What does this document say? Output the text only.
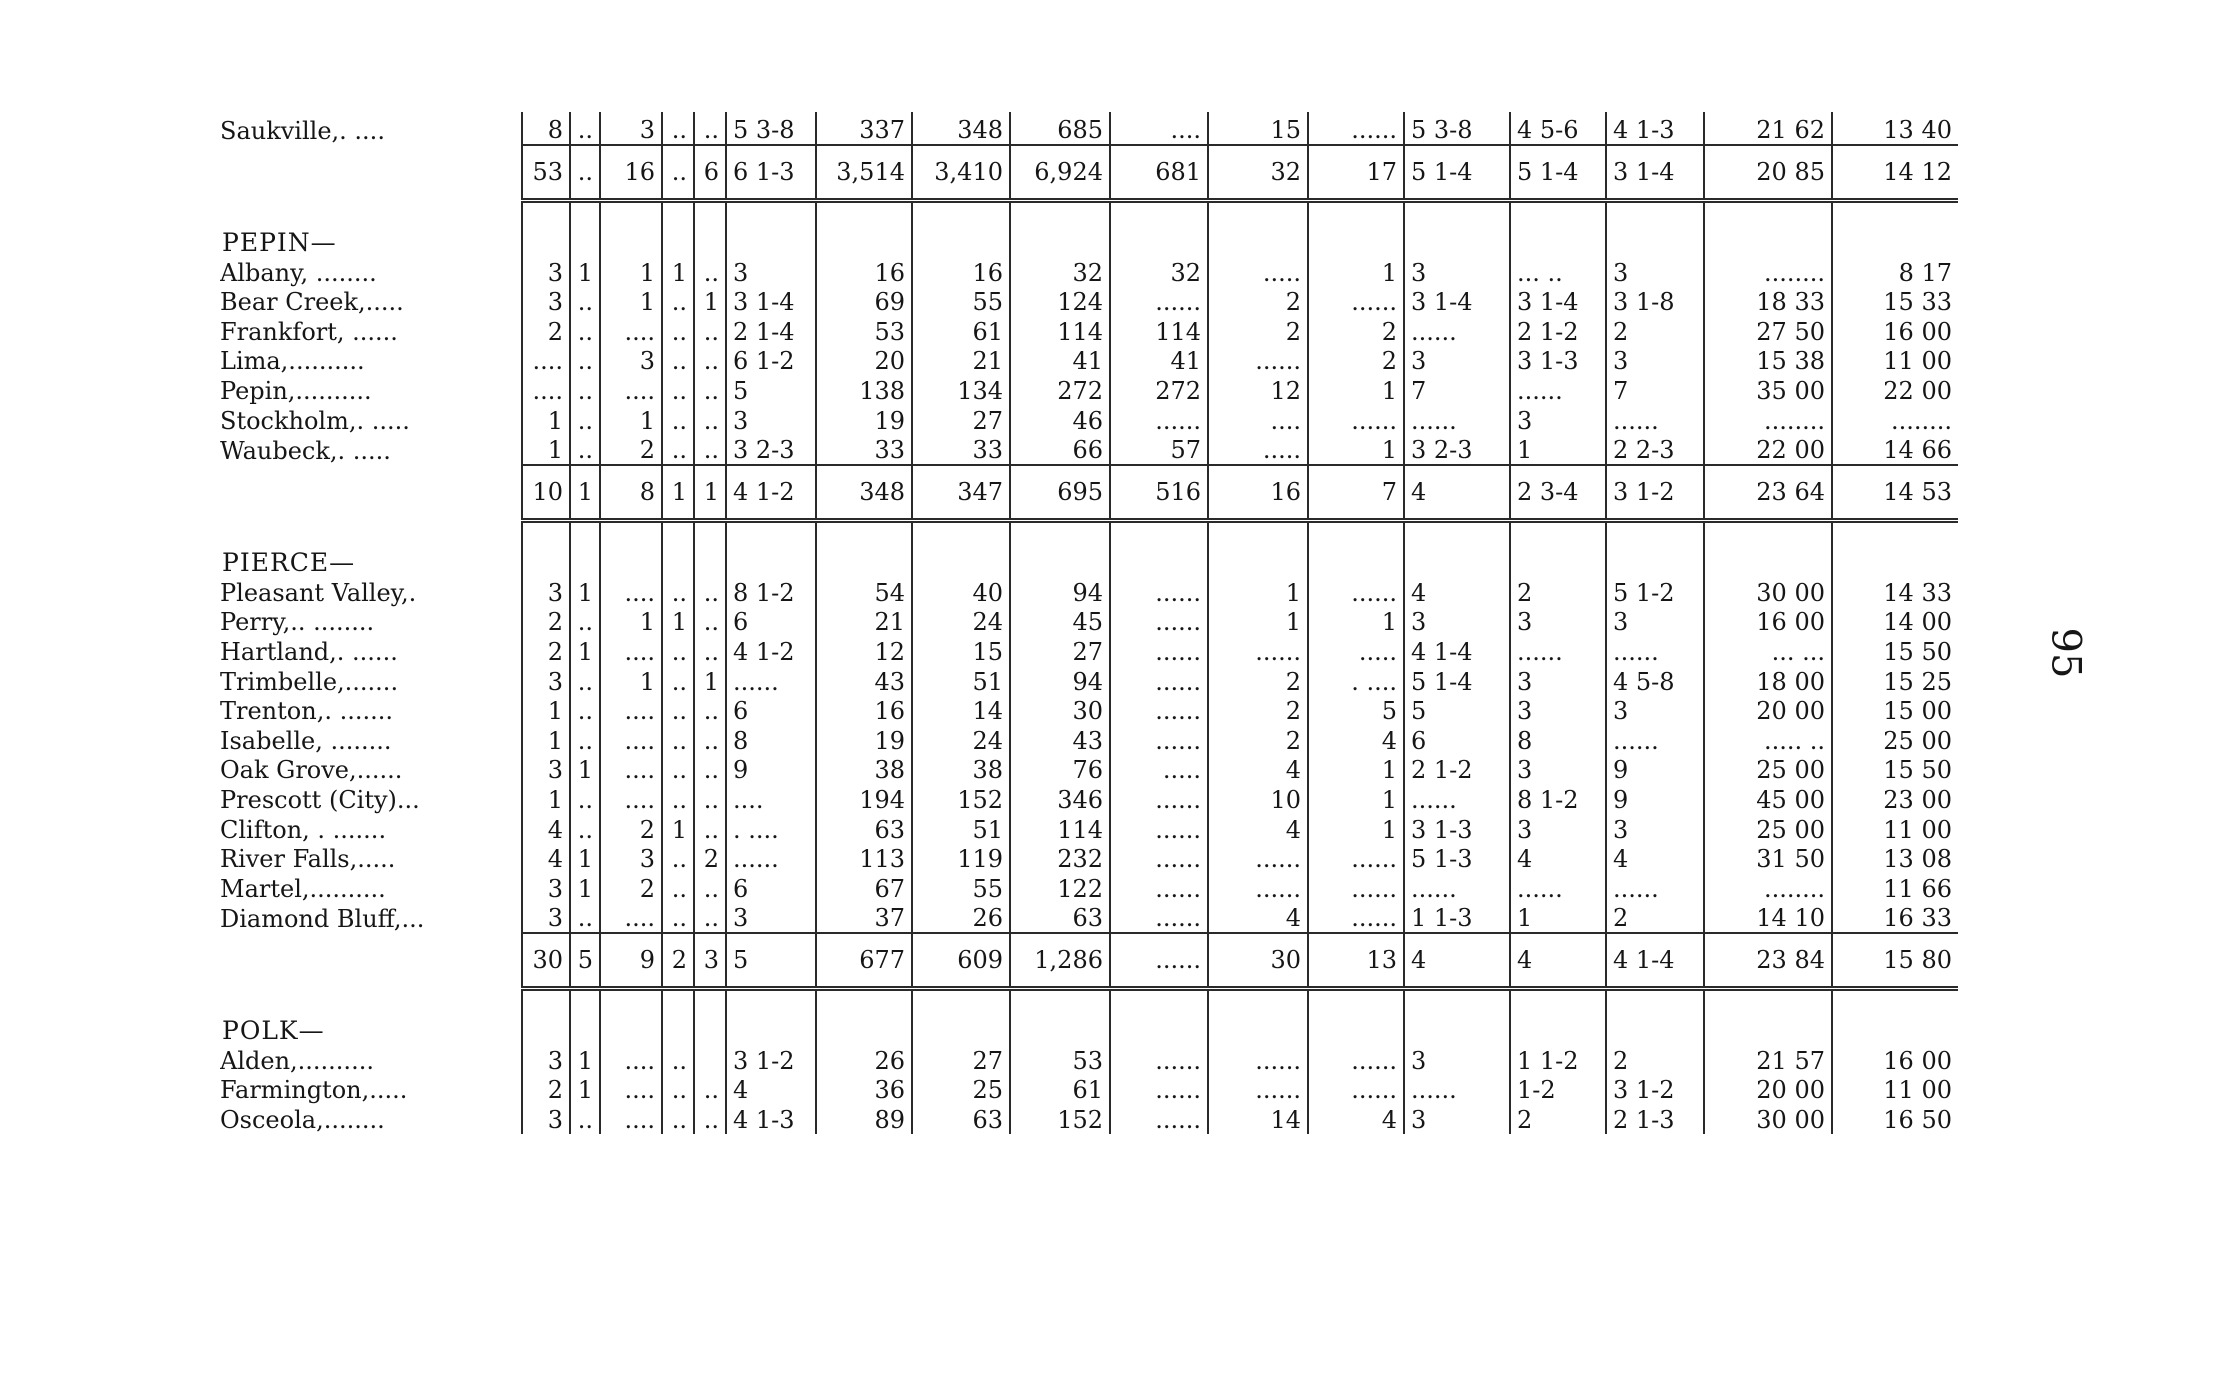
Saukville,. ....	8	..	3	..	..	5 3-8	337	348	685	....	15	......	5 3-8	4 5-6	4 1-3	21 62	13 40
	53	..	16	..	6	6 1-3	3,514	3,410	6,924	681	32	17	5 1-4	5 1-4	3 1-4	20 85	14 12

PEPIN—																	
Albany, ........	3	1	1	1	..	3	16	16	32	32	.....	1	3	... ..	3	........	8 17
Bear Creek,.....	3	..	1	..	1	3 1-4	69	55	124	......	2	......	3 1-4	3 1-4	3 1-8	18 33	15 33
Frankfort, ......	2	..	....	..	..	2 1-4	53	61	114	114	2	2	......	2 1-2	2	27 50	16 00
Lima,..........	....	..	3	..	..	6 1-2	20	21	41	41	......	2	3	3 1-3	3	15 38	11 00
Pepin,..........	....	..	....	..	..	5	138	134	272	272	12	1	7	......	7	35 00	22 00
Stockholm,. .....	1	..	1	..	..	3	19	27	46	......	....	......	......	3	......	........	........
Waubeck,. .....	1	..	2	..	..	3 2-3	33	33	66	57	.....	1	3 2-3	1	2 2-3	22 00	14 66
	10	1	8	1	1	4 1-2	348	347	695	516	16	7	4	2 3-4	3 1-2	23 64	14 53

PIERCE—																	
Pleasant Valley,.	3	1	....	..	..	8 1-2	54	40	94	......	1	......	4	2	5 1-2	30 00	14 33
Perry,.. ........	2	..	1	1	..	6	21	24	45	......	1	1	3	3	3	16 00	14 00
Hartland,. ......	2	1	....	..	..	4 1-2	12	15	27	......	......	.....	4 1-4	......	......	... ...	15 50
Trimbelle,.......	3	..	1	..	1	......	43	51	94	......	2	. ....	5 1-4	3	4 5-8	18 00	15 25
Trenton,. .......	1	..	....	..	..	6	16	14	30	......	2	5	5	3	3	20 00	15 00
Isabelle, ........	1	..	....	..	..	8	19	24	43	......	2	4	6	8	......	..... ..	25 00
Oak Grove,......	3	1	....	..	..	9	38	38	76	.....	4	1	2 1-2	3	9	25 00	15 50
Prescott (City)...	1	..	....	..	..	....	194	152	346	......	10	1	......	8 1-2	9	45 00	23 00
Clifton, . .......	4	..	2	1	..	. ....	63	51	114	......	4	1	3 1-3	3	3	25 00	11 00
River Falls,.....	4	1	3	..	2	......	113	119	232	......	......	......	5 1-3	4	4	31 50	13 08
Martel,..........	3	1	2	..	..	6	67	55	122	......	......	......	......	......	......	........	11 66
Diamond Bluff,...	3	..	....	..	..	3	37	26	63	......	4	......	1 1-3	1	2	14 10	16 33
	30	5	9	2	3	5	677	609	1,286	......	30	13	4	4	4 1-4	23 84	15 80

POLK—																	
Alden,..........	3	1	....	..		3 1-2	26	27	53	......	......	......	3	1 1-2	2	21 57	16 00
Farmington,.....	2	1	....	..	..	4	36	25	61	......	......	......	......	1-2	3 1-2	20 00	11 00
Osceola,........	3	..	....	..	..	4 1-3	89	63	152	......	14	4	3	2	2 1-3	30 00	16 50
95
